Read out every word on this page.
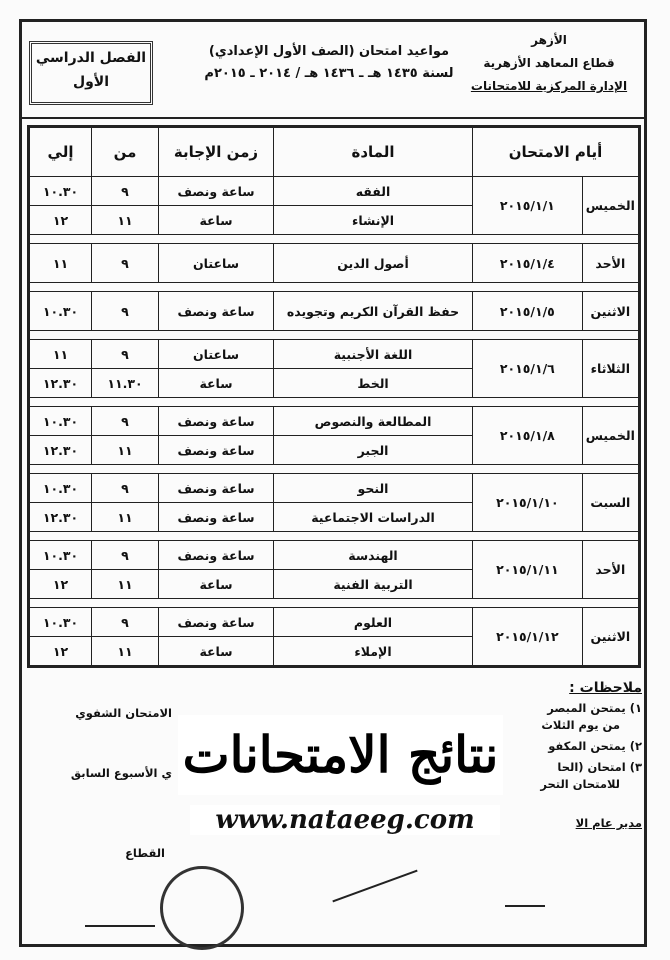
الأزهر
قطاع المعاهد الأزهرية
الإدارة المركزية للامتحانات
مواعيد امتحان (الصف الأول الإعدادي)
لسنة ١٤٣٥ هـ ـ ١٤٣٦ هـ / ٢٠١٤ ـ ٢٠١٥م
الفصل الدراسي
الأول
أيام الامتحان		المادة	زمن الإجابة	من	إلي
الخميس	٢٠١٥/١/١	الفقه	ساعة ونصف	٩	١٠.٣٠
		الإنشاء	ساعة	١١	١٢

الأحد	٢٠١٥/١/٤	أصول الدين	ساعتان	٩	١١

الاثنين	٢٠١٥/١/٥	حفظ القرآن الكريم وتجويده	ساعة ونصف	٩	١٠.٣٠

الثلاثاء	٢٠١٥/١/٦	اللغة الأجنبية	ساعتان	٩	١١
		الخط	ساعة	١١.٣٠	١٢.٣٠

الخميس	٢٠١٥/١/٨	المطالعة والنصوص	ساعة ونصف	٩	١٠.٣٠
		الجبر	ساعة ونصف	١١	١٢.٣٠

السبت	٢٠١٥/١/١٠	النحو	ساعة ونصف	٩	١٠.٣٠
		الدراسات الاجتماعية	ساعة ونصف	١١	١٢.٣٠

الأحد	٢٠١٥/١/١١	الهندسة	ساعة ونصف	٩	١٠.٣٠
		التربية الفنية	ساعة	١١	١٢

الاثنين	٢٠١٥/١/١٢	العلوم	ساعة ونصف	٩	١٠.٣٠
		الإملاء	ساعة	١١	١٢
ملاحظات :
١) يمتحن المبصر
من يوم الثلاث
٢) يمتحن المكفو
٣) امتحان (الحا
للامتحان التحر
مدير عام الا
الامتحان الشفوي
ي الأسبوع السابق
القطاع
نتائج الامتحانات
www.nataeeg.com
